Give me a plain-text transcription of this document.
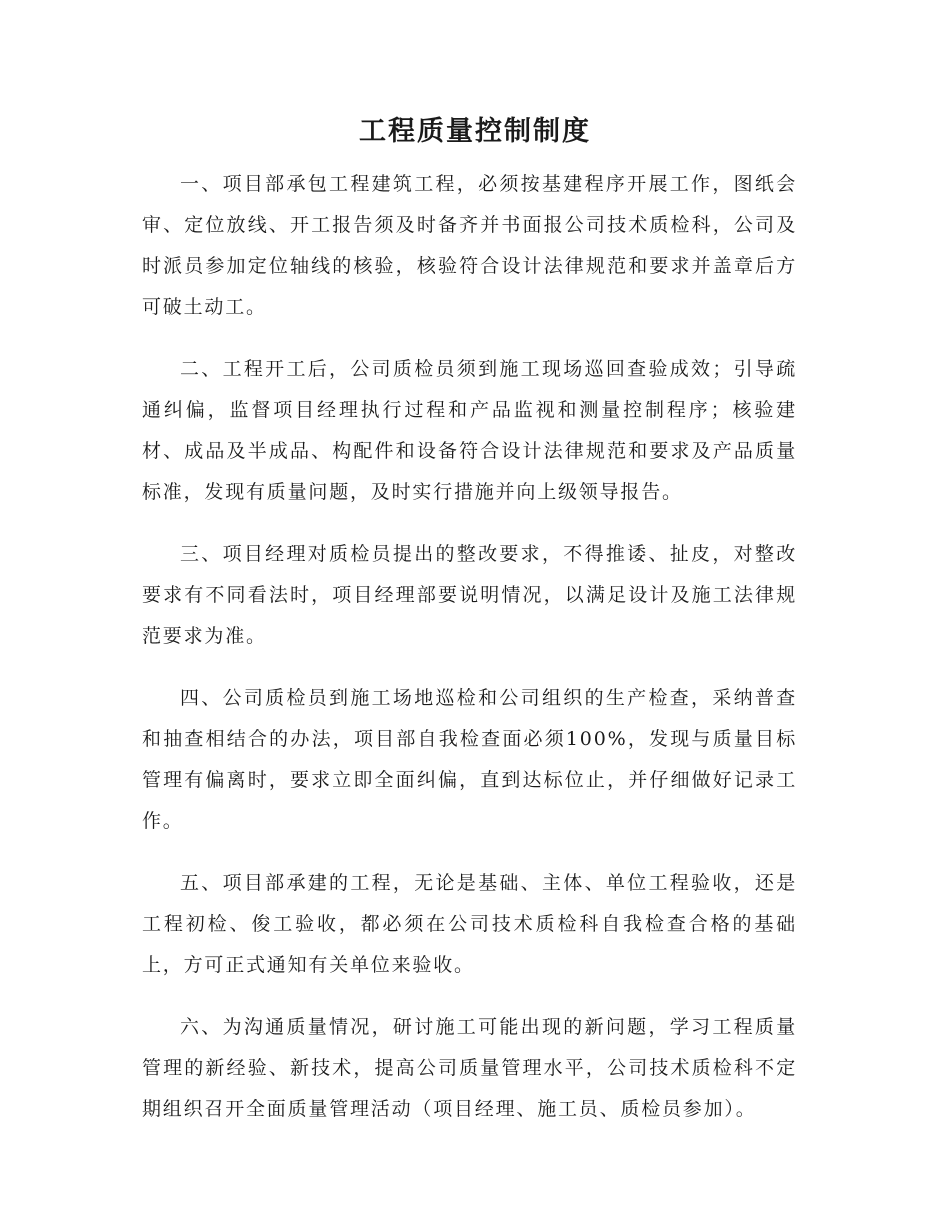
工程质量控制制度

一、项目部承包工程建筑工程，必须按基建程序开展工作，图纸会审、定位放线、开工报告须及时备齐并书面报公司技术质检科，公司及时派员参加定位轴线的核验，核验符合设计法律规范和要求并盖章后方可破土动工。

二、工程开工后，公司质检员须到施工现场巡回查验成效；引导疏通纠偏，监督项目经理执行过程和产品监视和测量控制程序；核验建材、成品及半成品、构配件和设备符合设计法律规范和要求及产品质量标准，发现有质量问题，及时实行措施并向上级领导报告。

三、项目经理对质检员提出的整改要求，不得推诿、扯皮，对整改要求有不同看法时，项目经理部要说明情况，以满足设计及施工法律规范要求为准。

四、公司质检员到施工场地巡检和公司组织的生产检查，采纳普查和抽查相结合的办法，项目部自我检查面必须100%，发现与质量目标管理有偏离时，要求立即全面纠偏，直到达标位止，并仔细做好记录工作。

五、项目部承建的工程，无论是基础、主体、单位工程验收，还是工程初检、俊工验收，都必须在公司技术质检科自我检查合格的基础上，方可正式通知有关单位来验收。

六、为沟通质量情况，研讨施工可能出现的新问题，学习工程质量管理的新经验、新技术，提高公司质量管理水平，公司技术质检科不定期组织召开全面质量管理活动（项目经理、施工员、质检员参加）。
